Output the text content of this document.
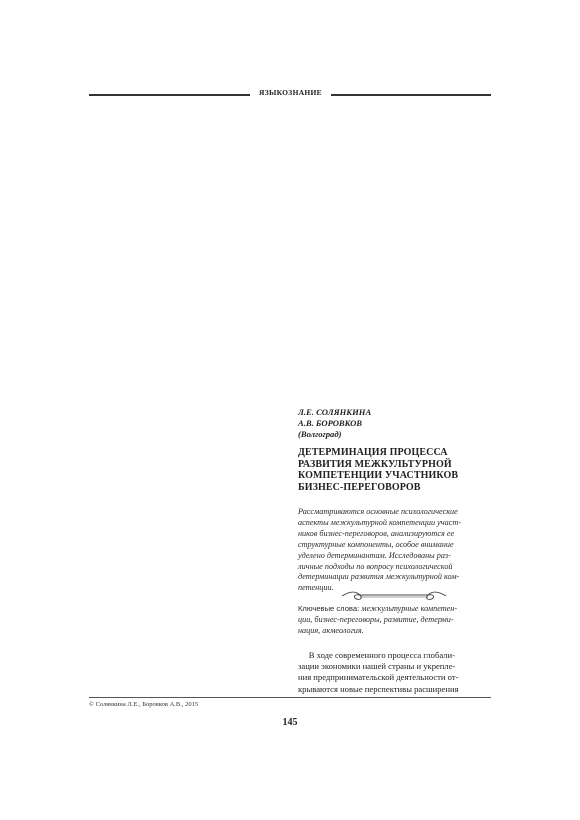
ЯЗЫКОЗНАНИЕ
Л.Е. СОЛЯНКИНА
А.В. БОРОВКОВ
(Волгоград)
ДЕТЕРМИНАЦИЯ ПРОЦЕССА
РАЗВИТИЯ МЕЖКУЛЬТУРНОЙ
КОМПЕТЕНЦИИ УЧАСТНИКОВ
БИЗНЕС-ПЕРЕГОВОРОВ
Рассматриваются основные психологические
аспекты межкультурной компетенции участ-
ников бизнес-переговоров, анализируются ее
структурные компоненты, особое внимание
уделено детерминантам. Исследованы раз-
личные подходы по вопросу психологической
детерминации развития межкультурной ком-
петенции.
Ключевые слова: межкультурные компетен-
ции, бизнес-переговоры, развитие, детерми-
нация, акмеология.
В ходе современного процесса глобали-
зации экономики нашей страны и укрепле-
ния предпринимательской деятельности от-
крываются новые перспективы расширения
© Солянкина Л.Е., Боровков А.В., 2015
145
